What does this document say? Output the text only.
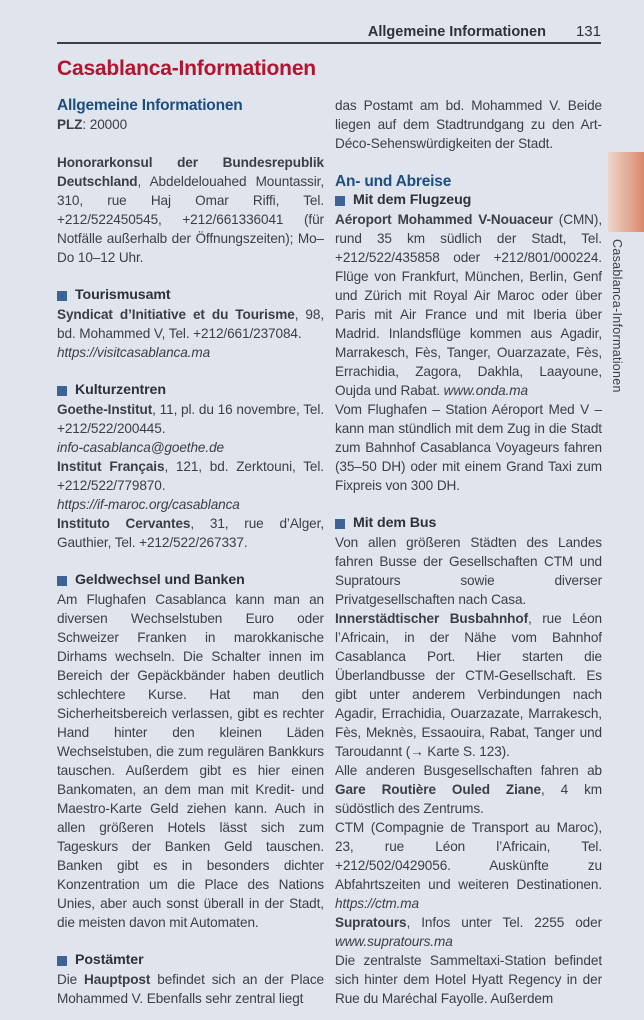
Allgemeine Informationen 131
Casablanca-Informationen
Allgemeine Informationen

PLZ: 20000

Honorarkonsul der Bundesrepublik Deutschland, Abdeldelouahed Mountassir, 310, rue Haj Omar Riffi, Tel. +212/522450545, +212/661336041 (für Notfälle außerhalb der Öffnungszeiten); Mo–Do 10–12 Uhr.

Tourismusamt

Syndicat d’Initiative et du Tourisme, 98, bd. Mohammed V, Tel. +212/661/237084.

https://visitcasablanca.ma

Kulturzentren

Goethe-Institut, 11, pl. du 16 novembre, Tel. +212/522/200445.

info-casablanca@goethe.de

Institut Français, 121, bd. Zerktouni, Tel. +212/522/779870.

https://if-maroc.org/casablanca

Instituto Cervantes, 31, rue d’Alger, Gauthier, Tel. +212/522/267337.

Geldwechsel und Banken

Am Flughafen Casablanca kann man an diversen Wechselstuben Euro oder Schweizer Franken in marokkanische Dirhams wechseln. Die Schalter innen im Bereich der Gepäckbänder haben deutlich schlechtere Kurse. Hat man den Sicherheitsbereich verlassen, gibt es rechter Hand hinter den kleinen Läden Wechselstuben, die zum regulären Bankkurs tauschen. Außerdem gibt es hier einen Bankomaten, an dem man mit Kredit- und Maestro-Karte Geld ziehen kann. Auch in allen größeren Hotels lässt sich zum Tageskurs der Banken Geld tauschen. Banken gibt es in besonders dichter Konzentration um die Place des Nations Unies, aber auch sonst überall in der Stadt, die meisten davon mit Automaten.

Postämter

Die Hauptpost befindet sich an der Place Mohammed V. Ebenfalls sehr zentral liegt

das Postamt am bd. Mohammed V. Beide liegen auf dem Stadtrundgang zu den Art-Déco-Sehenswürdigkeiten der Stadt.

An- und Abreise
Mit dem Flugzeug

Aéroport Mohammed V-Nouaceur (CMN), rund 35 km südlich der Stadt, Tel. +212/522/435858 oder +212/801/000224. Flüge von Frankfurt, München, Berlin, Genf und Zürich mit Royal Air Maroc oder über Paris mit Air France und mit Iberia über Madrid. Inlandsflüge kommen aus Agadir, Marrakesch, Fès, Tanger, Ouarzazate, Fès, Errachidia, Zagora, Dakhla, Laayoune, Oujda und Rabat. www.onda.ma

Vom Flughafen – Station Aéroport Med V – kann man stündlich mit dem Zug in die Stadt zum Bahnhof Casablanca Voyageurs fahren (35–50 DH) oder mit einem Grand Taxi zum Fixpreis von 300 DH.

Mit dem Bus

Von allen größeren Städten des Landes fahren Busse der Gesellschaften CTM und Supratours sowie diverser Privatgesellschaften nach Casa.

Innerstädtischer Busbahnhof, rue Léon l’Africain, in der Nähe vom Bahnhof Casablanca Port. Hier starten die Überlandbusse der CTM-Gesellschaft. Es gibt unter anderem Verbindungen nach Agadir, Errachidia, Ouarzazate, Marrakesch, Fès, Meknès, Essaouira, Rabat, Tanger und Taroudannt (→ Karte S. 123).

Alle anderen Busgesellschaften fahren ab Gare Routière Ouled Ziane, 4 km südöstlich des Zentrums.

CTM (Compagnie de Transport au Maroc), 23, rue Léon l’Africain, Tel. +212/502/0429056. Auskünfte zu Abfahrtszeiten und weiteren Destinationen. https://ctm.ma

Supratours, Infos unter Tel. 2255 oder www.supratours.ma

Die zentralste Sammeltaxi-Station befindet sich hinter dem Hotel Hyatt Regency in der Rue du Maréchal Fayolle. Außerdem

Casablanca-Informationen
